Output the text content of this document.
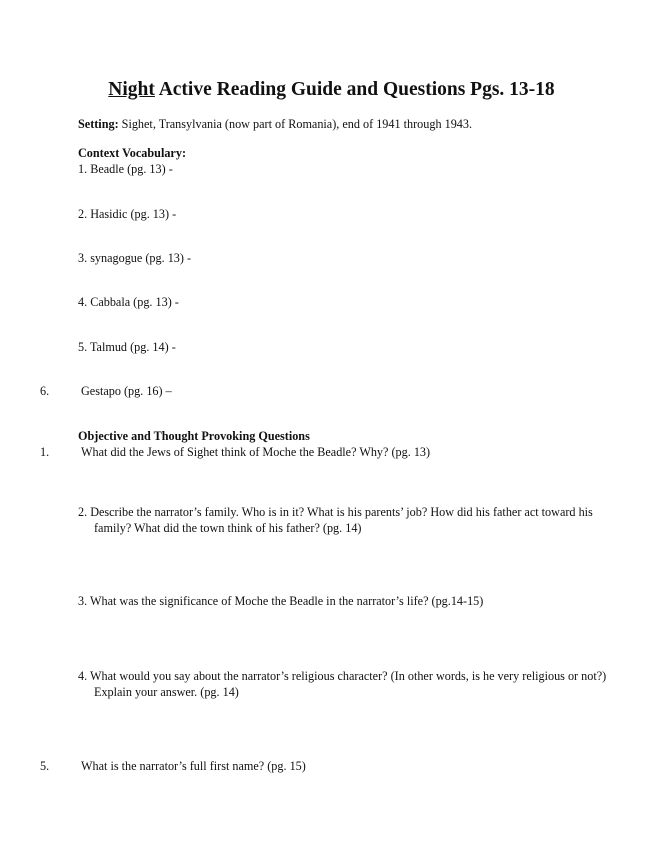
Night Active Reading Guide and Questions Pgs. 13-18
Setting: Sighet, Transylvania (now part of Romania), end of 1941 through 1943.
Context Vocabulary:
1. Beadle (pg. 13) -
2. Hasidic (pg. 13) -
3. synagogue (pg. 13) -
4. Cabbala (pg. 13) -
5. Talmud (pg. 14) -
6.	Gestapo (pg. 16) –
Objective and Thought Provoking Questions
1.	What did the Jews of Sighet think of Moche the Beadle? Why? (pg. 13)
2. Describe the narrator’s family. Who is in it? What is his parents’ job? How did his father act toward his family? What did the town think of his father? (pg. 14)
3. What was the significance of Moche the Beadle in the narrator’s life? (pg.14-15)
4. What would you say about the narrator’s religious character? (In other words, is he very religious or not?) Explain your answer. (pg. 14)
5.	What is the narrator’s full first name? (pg. 15)
